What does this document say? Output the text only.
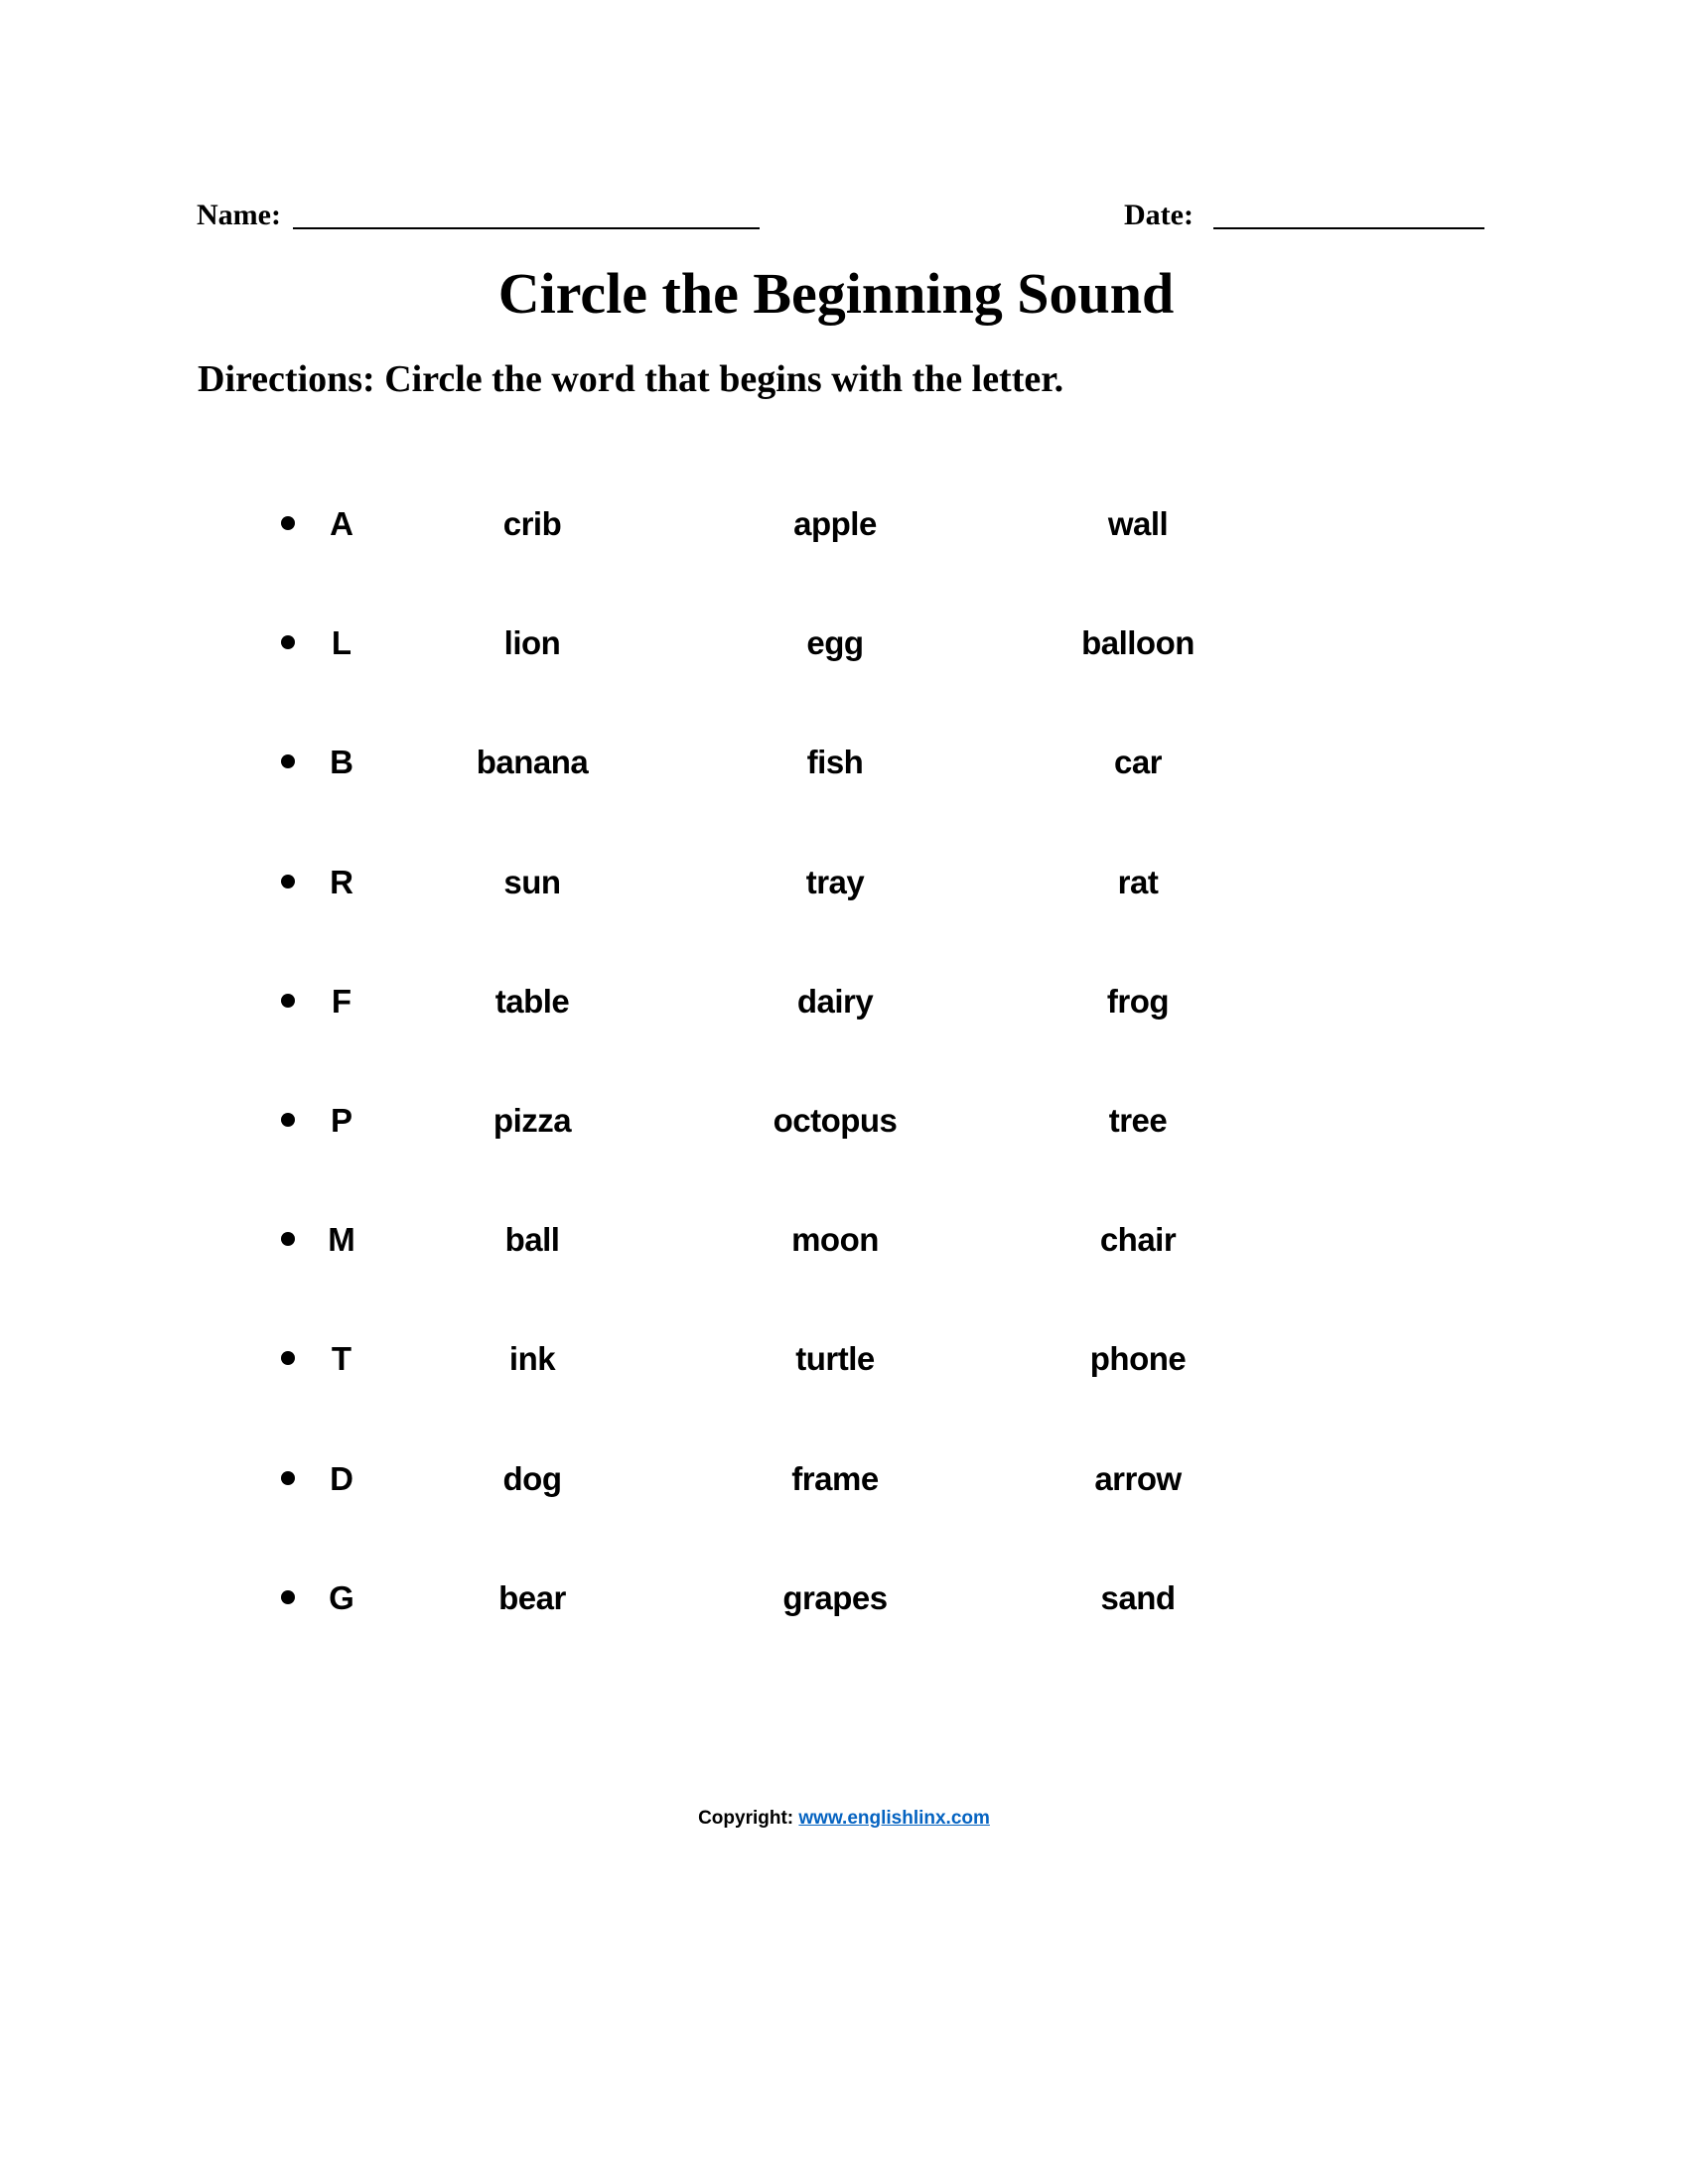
Name:	Date:
Circle the Beginning Sound
Directions: Circle the word that begins with the letter.
A	crib	apple	wall
L	lion	egg	balloon
B	banana	fish	car
R	sun	tray	rat
F	table	dairy	frog
P	pizza	octopus	tree
M	ball	moon	chair
T	ink	turtle	phone
D	dog	frame	arrow
G	bear	grapes	sand
Copyright: www.englishlinx.com
